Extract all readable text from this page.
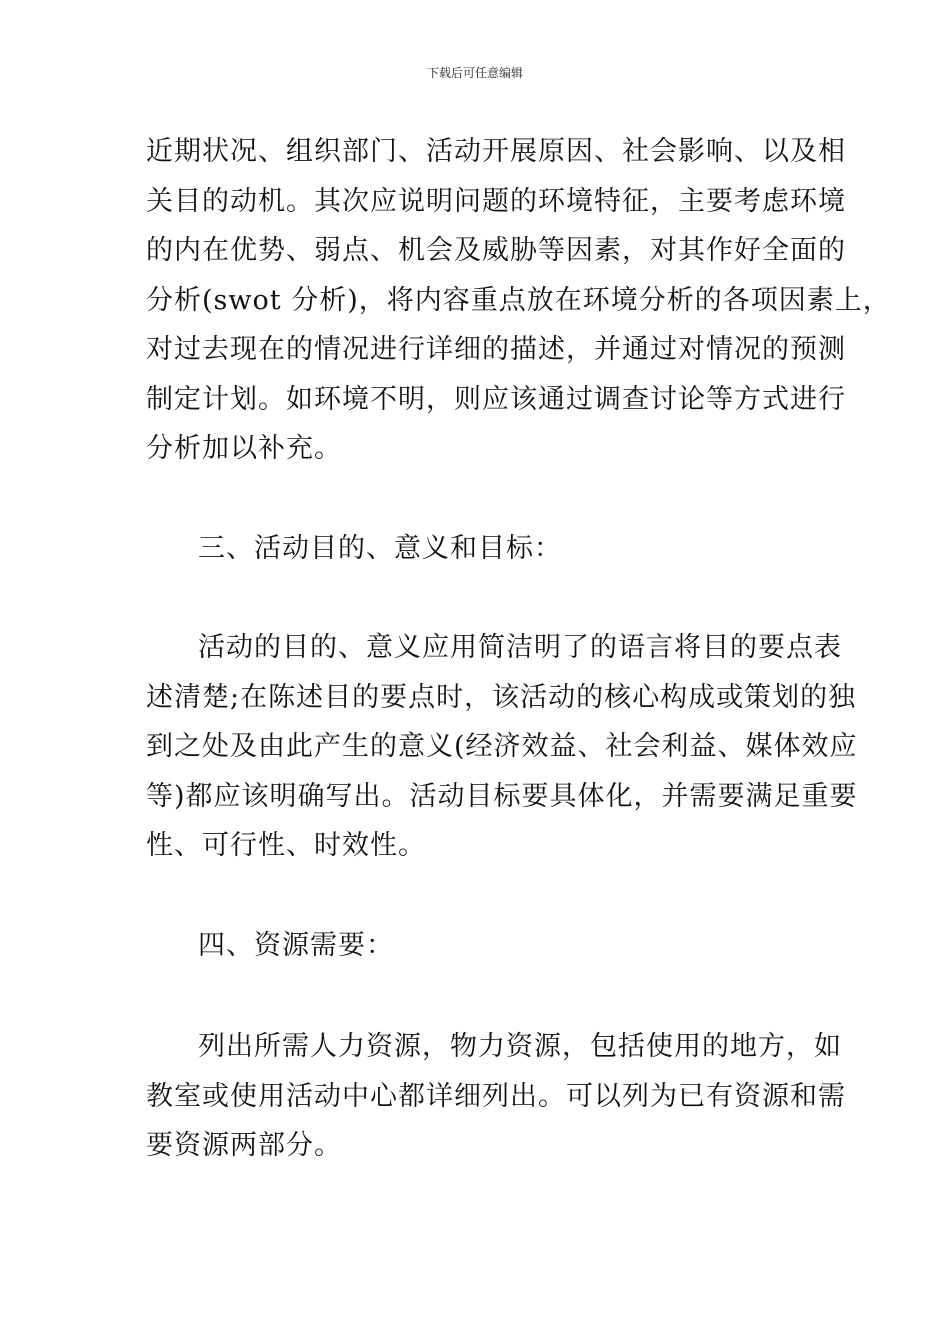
下载后可任意编辑
近期状况、组织部门、活动开展原因、社会影响、以及相
关目的动机。其次应说明问题的环境特征，主要考虑环境
的内在优势、弱点、机会及威胁等因素，对其作好全面的
分析(swot 分析)，将内容重点放在环境分析的各项因素上，
对过去现在的情况进行详细的描述，并通过对情况的预测
制定计划。如环境不明，则应该通过调查讨论等方式进行
分析加以补充。
三、活动目的、意义和目标：
活动的目的、意义应用简洁明了的语言将目的要点表
述清楚;在陈述目的要点时，该活动的核心构成或策划的独
到之处及由此产生的意义(经济效益、社会利益、媒体效应
等)都应该明确写出。活动目标要具体化，并需要满足重要
性、可行性、时效性。
四、资源需要：
列出所需人力资源，物力资源，包括使用的地方，如
教室或使用活动中心都详细列出。可以列为已有资源和需
要资源两部分。
